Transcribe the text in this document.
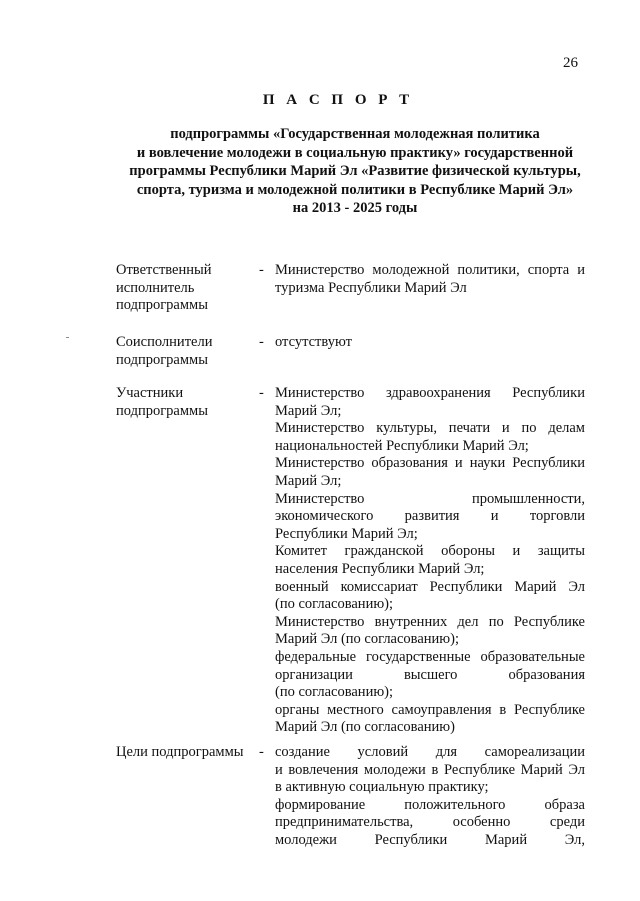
26
П А С П О Р Т
подпрограммы «Государственная молодежная политика
и вовлечение молодежи в социальную практику» государственной
программы Республики Марий Эл «Развитие физической культуры,
спорта, туризма и молодежной политики в Республике Марий Эл»
на 2013 - 2025 годы
Ответственный
исполнитель
подпрограммы
- Министерство молодежной политики, спорта и
туризма Республики Марий Эл
Соисполнители
подпрограммы
- отсутствуют
Участники
подпрограммы
- Министерство здравоохранения Республики
Марий Эл;
Министерство культуры, печати и по делам
национальностей Республики Марий Эл;
Министерство образования и науки Республики
Марий Эл;
Министерство промышленности,
экономического развития и торговли
Республики Марий Эл;
Комитет гражданской обороны и защиты
населения Республики Марий Эл;
военный комиссариат Республики Марий Эл
(по согласованию);
Министерство внутренних дел по Республике
Марий Эл (по согласованию);
федеральные государственные образовательные
организации высшего образования
(по согласованию);
органы местного самоуправления в Республике
Марий Эл (по согласованию)
Цели подпрограммы	- создание условий для самореализации
и вовлечения молодежи в Республике Марий Эл
в активную социальную практику;
формирование положительного образа
предпринимательства, особенно среди
молодежи Республики Марий Эл,
